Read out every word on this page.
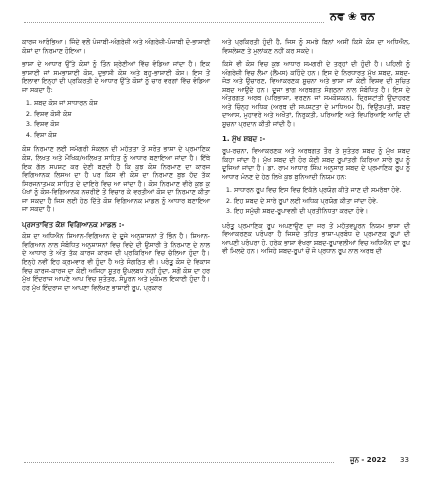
ਨਵ ❀ ਰਨ

ਕਾਰਜ ਆਰੰਭਿਆ। ਜਿੰਦੇ ਵਲੋਂ ਪੰਜਾਬੀ-ਅੰਗਰੇਜ਼ੀ ਅਤੇ ਅੰਗਰੇਜ਼ੀ-ਪੰਜਾਬੀ ਦੋ-ਭਾਸ਼ਾਈ ਕੋਸ਼ਾਂ ਦਾ ਨਿਰਮਾਣ ਹੋਇਆ।

ਭਾਸ਼ਾ ਦੇ ਆਧਾਰ ਉੱਤੇ ਕੋਸ਼ਾਂ ਨੂੰ ਤਿੰਨ ਸ਼੍ਰੇਣੀਆਂ ਵਿੱਚ ਵੰਡਿਆ ਜਾਂਦਾ ਹੈ। ਇਕ ਭਾਸ਼ਾਈ ਜਾਂ ਸਮਭਾਸ਼ਾਈ ਕੋਸ਼, ਦੁਭਾਸ਼ੀ ਕੋਸ਼ ਅਤੇ ਬਹੁ-ਭਾਸ਼ਾਈ ਕੋਸ਼। ਇਸ ਤੋਂ ਇਲਾਵਾ ਇਨ੍ਹਾਂ ਦੀ ਪ੍ਰਕਿਰਤੀ ਦੇ ਆਧਾਰ ਉੱਤੇ ਕੋਸ਼ਾਂ ਨੂੰ ਚਾਰ ਵਰਗਾਂ ਵਿੱਚ ਵੰਡਿਆ ਜਾ ਸਕਦਾ ਹੈ:

1. ਸ਼ਬਦ ਕੋਸ਼ ਜਾਂ ਸਾਧਾਰਨ ਕੋਸ਼
2. ਵਿਸ਼ਵ ਕੋਸ਼ੀ ਕੋਸ਼
3. ਵਿਸ਼ਵ ਕੋਸ਼
4. ਵਿਸ਼ਾ ਕੋਸ਼

ਕੋਸ਼ ਨਿਰਮਾਣ ਲਈ ਸਮੱਗਰੀ ਸੰਕਲਨ ਦੀ ਮਹੱਤਤਾ ਤੋਂ ਸਰੋਤ ਭਾਸ਼ਾ ਦੇ ਪ੍ਰਮਾਣਿਕ ਕੋਸ਼, ਲਿਖਤ ਅਤੇ ਮੌਖਿਕ/ਅਲਿਖਤ ਸਾਹਿਤ ਨੂੰ ਆਧਾਰ ਬਣਾਇਆ ਜਾਂਦਾ ਹੈ। ਇੱਥੇ ਇਕ ਗੱਲ ਸਪਸ਼ਟ ਕਰ ਦੇਣੀ ਬਣਦੀ ਹੈ ਕਿ ਕੁਝ ਕੋਸ਼ ਨਿਰਮਾਣ ਦਾ ਕਾਰਜ ਵਿਗਿਆਨਕ ਲਿਸਅ ਦਾ ਹੈ ਪਰ ਕਿਸ ਵੀ ਕੋਸ਼ ਦਾ ਨਿਰਮਾਣ ਬੁਝ ਹੱਦ ਤੱਕ ਸਿਰਜਨਾਤਮਕ ਸਾਹਿਤ ਦੇ ਦਾਇਰੇ ਵਿਚ ਆ ਜਾਂਦਾ ਹੈ। ਕੋਸ਼ ਨਿਰਮਾਣ ਵੀਰੇ ਕੁਝ ਕੁ ਪੱਖਾਂ ਨੂੰ ਕੋਸ਼-ਵਿਗਿਆਨਕ ਨਜ਼ਰੀਏ ਤੋਂ ਵਿਚਾਰ ਕੇ ਵਰਤੀਆਂ ਕੋਸ਼ ਦਾ ਨਿਰਮਾਣ ਕੀਤਾ ਜਾ ਸਕਦਾ ਹੈ ਜਿਸ ਲਈ ਹੇਠ ਦਿੱਤੇ ਕੋਸ਼ ਵਿਗਿਆਨਕ ਮਾਡਲ ਨੂੰ ਆਧਾਰ ਬਣਾਇਆ ਜਾ ਸਕਦਾ ਹੈ।

ਪ੍ਰਸਤਾਵਿਤ ਕੋਸ਼ ਵਿਗਿਆਨਕ ਮਾਡਲ :-

ਕੋਸ਼ ਦਾ ਅਧਿਐਨ ਸ਼ਿਆਨ-ਵਿਗਿਆਨ ਦੇ ਦੂਜੇ ਅਨੁਸ਼ਾਸਨਾਂ ਤੋਂ ਭਿੰਨ ਹੈ। ਸ਼ਿਆਨ-ਵਿਗਿਆਨ ਨਾਲ ਸੰਬੰਧਿਤ ਅਨੁਸ਼ਾਸਨਾਂ ਵਿਚ ਵਿਦੇ ਦੀ ਉਸਾਰੀ ਤੇ ਨਿਰਮਾਣ ਦੇ ਨਾਲ ਦੇ ਆਧਾਰ ਤੇ ਅੰਤ ਤੱਕ ਕਾਰਜ ਕਾਰਜ ਦੀ ਪ੍ਰਕਿਰਿਆ ਵਿਚ ਚੱਲਿਆ ਹੁੰਦਾ ਹੈ। ਇਨ੍ਹੇ ਨਵੀਂ ਇਹ ਕ੍ਰਮਵਾਰ ਵੀ ਹੁੰਦਾ ਹੈ ਅਤੇ ਸੰਗਠਿਤ ਵੀ। ਪਰੰਤੂ ਕੋਸ਼ ਦੇ ਵਿਕਾਸ ਵਿਚ ਕਾਰਜ-ਕਾਰਜ ਦਾ ਕੋਈ ਅਜਿਹਾ ਸੂਤਰ ਉਪਲਬਧ ਨਹੀਂ ਹੁੰਦਾ, ਸਗੋਂ ਕੋਸ਼ ਦਾ ਹਰ ਮੁੱਖ ਇੰਦਰਾਜ ਆਪਣੇ ਆਪ ਵਿਚ ਸੁਤੰਤਰ, ਸੰਪੂਰਨ ਅਤੇ ਮੁਕੰਮਲ ਇਕਾਈ ਹੁੰਦਾ ਹੈ। ਹਰ ਮੁੱਖ ਇੰਦਰਾਜ ਦਾ ਆਪਣਾ ਵਿਲੱਖਣ ਭਾਸ਼ਾਈ ਰੂਪ, ਪ੍ਰਕਾਰ

ਅਤੇ ਪ੍ਰਕਿਰਤੀ ਹੁੰਦੀ ਹੈ, ਜਿਸ ਨੂੰ ਸਮਝੇ ਬਿਨਾਂ ਅਸੀਂ ਕਿਸੇ ਕੋਸ਼ ਦਾ ਅਧਿਐਨ, ਵਿਸ਼ਲੇਸ਼ਣ ਤੇ ਮੁਲਾਂਕਣ ਨਹੀਂ ਕਰ ਸਕਦੇ।

ਕਿਸੇ ਵੀ ਕੋਸ਼ ਵਿਚ ਕੁਝ ਆਧਾਰ ਸਮਗਰੀ ਦੇ ਤਰ੍ਹਾਂ ਦੀ ਹੁੰਦੀ ਹੈ। ਪਹਿਲੀ ਨੂੰ ਅੰਗਰੇਜ਼ੀ ਵਿਚ ਲੈਮਾ (ਲੈਂਮਸ) ਕਹਿੰਦੇ ਹਨ। ਇਸ ਦੇ ਨਿਰਧਾਰਤ ਮੁੱਖ ਸ਼ਬਦ, ਸ਼ਬਦ-ਜੋੜ ਅਤੇ ਉਚਾਰਣ, ਵਿਆਕਰਣਕ ਸੂਚਨਾ ਅਤੇ ਭਾਸ਼ਾ ਜਾਂ ਕੋਈ ਵਿਸ਼ਵ ਦੀ ਸੁਚਿਤ ਸ਼ਬਦ ਆਉਂਦੇ ਹਨ। ਦੂਜਾ ਭਾਗ ਅਰਥਗਤ ਸੰਗਠਨਾ ਨਾਲ ਸੰਬੰਧਿਤ ਹੈ। ਇਸ ਦੇ ਅੰਤਰਗਤ ਅਰਥ (ਪਰਿਭਾਸ਼ਾ, ਵਰਣਨ ਜਾਂ ਸਮਕੋਸ਼ਕਨ), ਦ੍ਰਿਸ਼ਟਾਂਤੀ ਉਦਾਹਰਣ ਅਤੇ ਚਿੰਨ੍ਹ ਅਧਿਕ (ਅਰਥ ਦੀ ਸਪਸ਼ਟਤਾ ਦੇ ਮਾਧਿਅਮ ਹੈ), ਵਿਉਂਤਪਤੀ, ਸ਼ਬਦ ਦਾਆਸ, ਮੁਹਾਵਰੇ ਅਤੇ ਅਖੌਤਾਂ, ਨਿਰੁਕਤੀ, ਪਰਿਆਇ ਅਤੇ ਵਿਪਰਿਆਇ ਆਦਿ ਦੀ ਸੂਚਨਾ ਪ੍ਰਦਾਨ ਕੀਤੀ ਜਾਂਦੀ ਹੈ।

1. ਮੁੱਖ ਸ਼ਬਦ :-

ਰੂਪ-ਰਚਨਾ, ਵਿਆਕਰਣਕ ਅਤੇ ਅਰਥਗਤ ਤੌਰ ਤੇ ਸੁਤੰਤਰ ਸ਼ਬਦ ਨੂੰ ਮੁੱਖ ਸ਼ਬਦ ਕਿਹਾ ਜਾਂਦਾ ਹੈ। ਮੁੱਖ ਸ਼ਬਦ ਦੀ ਹੋਰ ਕੋਈ ਸ਼ਬਦ ਰੂਪਾਂਤਰੀ ਕਿਰਿਆ ਸਾਰੇ ਰੂਪ ਨੂੰ ਦੂਜਿਆਂ ਜਾਂਦਾ ਹੈ। ਡਾ. ਰਾਮ ਆਧਾਰ ਸਿੰਘ ਅਨੁਸਾਰ ਸ਼ਬਦ ਦੇ ਪ੍ਰਮਾਣਿਕ ਰੂਪ ਨੂੰ ਆਧਾਰ ਮੰਨਣ ਦੇ ਹੇਠ ਲਿਖੇ ਕੁਝ ਬੁਨਿਆਦੀ ਨਿਯਮ ਹਨ:

1. ਸਾਧਾਰਨ ਰੂਪ ਵਿਚ ਇਸ ਵਿਚ ਇਕੱਲੇ ਪ੍ਰਯੋਗ ਕੀਤੇ ਜਾਣ ਦੀ ਸਮਰੱਥਾ ਹੋਵੇ.
2. ਇਹ ਸ਼ਬਦ ਦੇ ਸਾਰੇ ਰੂਪਾਂ ਲਈ ਅਧਿਕ ਪ੍ਰਯੋਗ ਕੀਤਾ ਜਾਂਦਾ ਹੋਵੇ.
3. ਇਹ ਸਮੁੱਚੀ ਸ਼ਬਦ-ਰੂਪਾਵਲੀ ਦੀ ਪ੍ਰਤੀਨਿਧਤਾ ਕਰਦਾ ਹੋਵੇ।

ਪਰੰਤੂ ਪ੍ਰਮਾਣਿਕ ਰੂਪ ਅਪਣਾਉਣ ਦਾ ਜਰ ਤੋਂ ਮਹੱਤਵਪੂਰਨ ਨਿਯਮ ਭਾਸ਼ਾ ਦੀ ਵਿਆਕਰਣਕ ਪਰੰਪਰਾ ਹੈ ਜਿਸਦੇ ਤਹਿਤ ਭਾਸ਼ਾ-ਪ੍ਰਬੰਧ ਦੇ ਪ੍ਰਮਾਣਕ ਰੂਪਾਂ ਦੀ ਆਪਣੀ ਪਰੰਪਰਾ ਹੋ. ਹਰੇਕ ਭਾਸ਼ਾ ਵੱਖਰਾ ਸ਼ਬਦ-ਰੂਪਾਵਲੀਆਂ ਵਿਚ ਅਧਿਐਨ ਦਾ ਰੂਪ ਵੀ ਮਿਲਦੇ ਹਨ। ਅਜਿਹੇ ਸ਼ਬਦ-ਰੂਪਾਂ ਚੋਂ ਜੋ ਪ੍ਰਧਾਨ ਰੂਪ ਨਾਲ ਅਰਥ ਦੀ

ਜੂਨ - 2022 33
